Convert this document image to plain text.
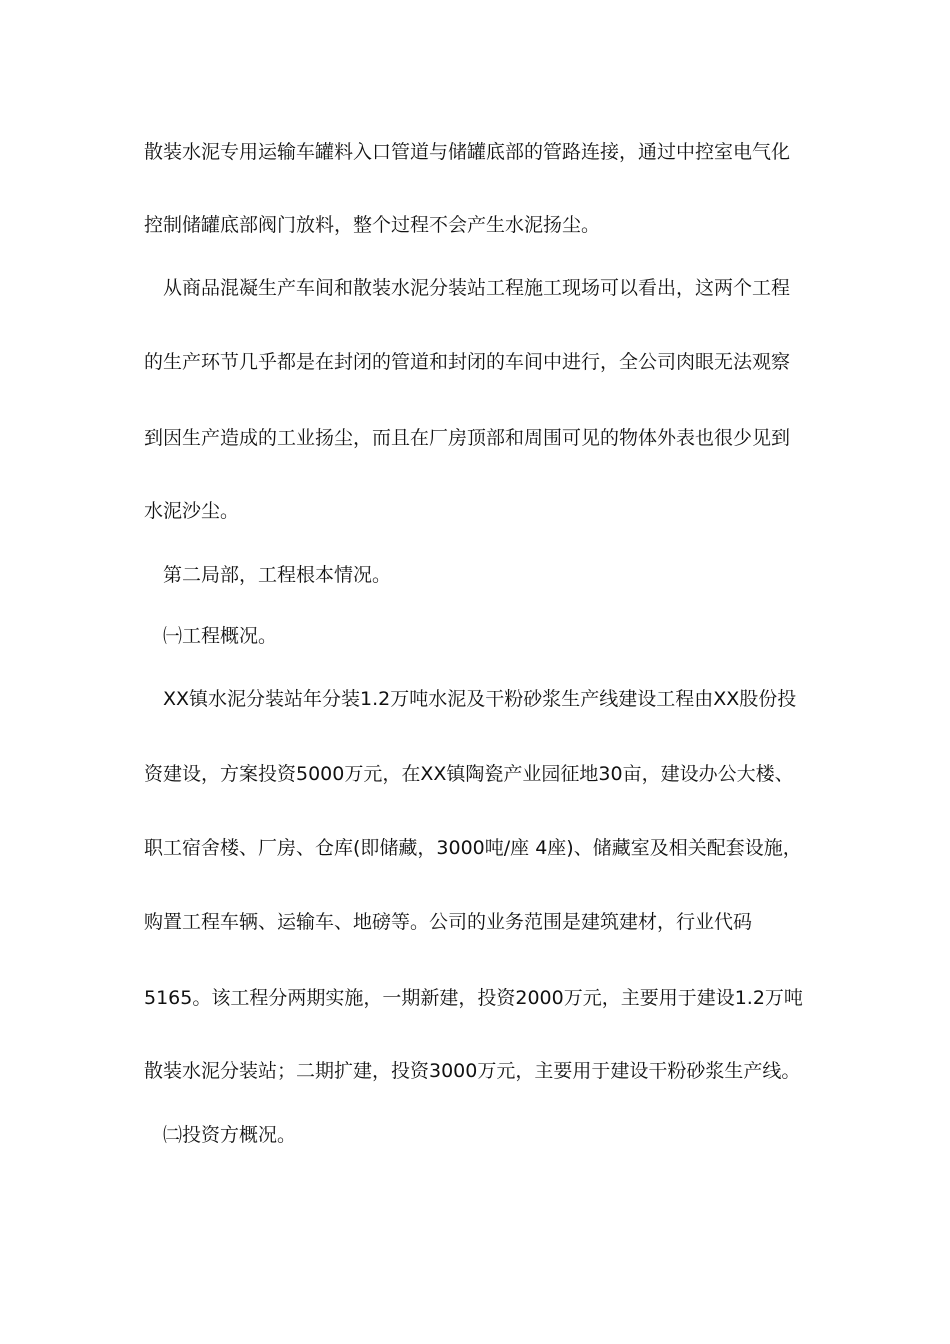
散装水泥专用运输车罐料入口管道与储罐底部的管路连接，通过中控室电气化
控制储罐底部阀门放料，整个过程不会产生水泥扬尘。
从商品混凝生产车间和散装水泥分装站工程施工现场可以看出，这两个工程
的生产环节几乎都是在封闭的管道和封闭的车间中进行，全公司肉眼无法观察
到因生产造成的工业扬尘，而且在厂房顶部和周围可见的物体外表也很少见到
水泥沙尘。
第二局部，工程根本情况。
㈠工程概况。
XX镇水泥分装站年分装1.2万吨水泥及干粉砂浆生产线建设工程由XX股份投
资建设，方案投资5000万元，在XX镇陶瓷产业园征地30亩，建设办公大楼、
职工宿舍楼、厂房、仓库(即储藏，3000吨/座 4座)、储藏室及相关配套设施，
购置工程车辆、运输车、地磅等。公司的业务范围是建筑建材，行业代码
5165。该工程分两期实施，一期新建，投资2000万元，主要用于建设1.2万吨
散装水泥分装站；二期扩建，投资3000万元，主要用于建设干粉砂浆生产线。
㈡投资方概况。
